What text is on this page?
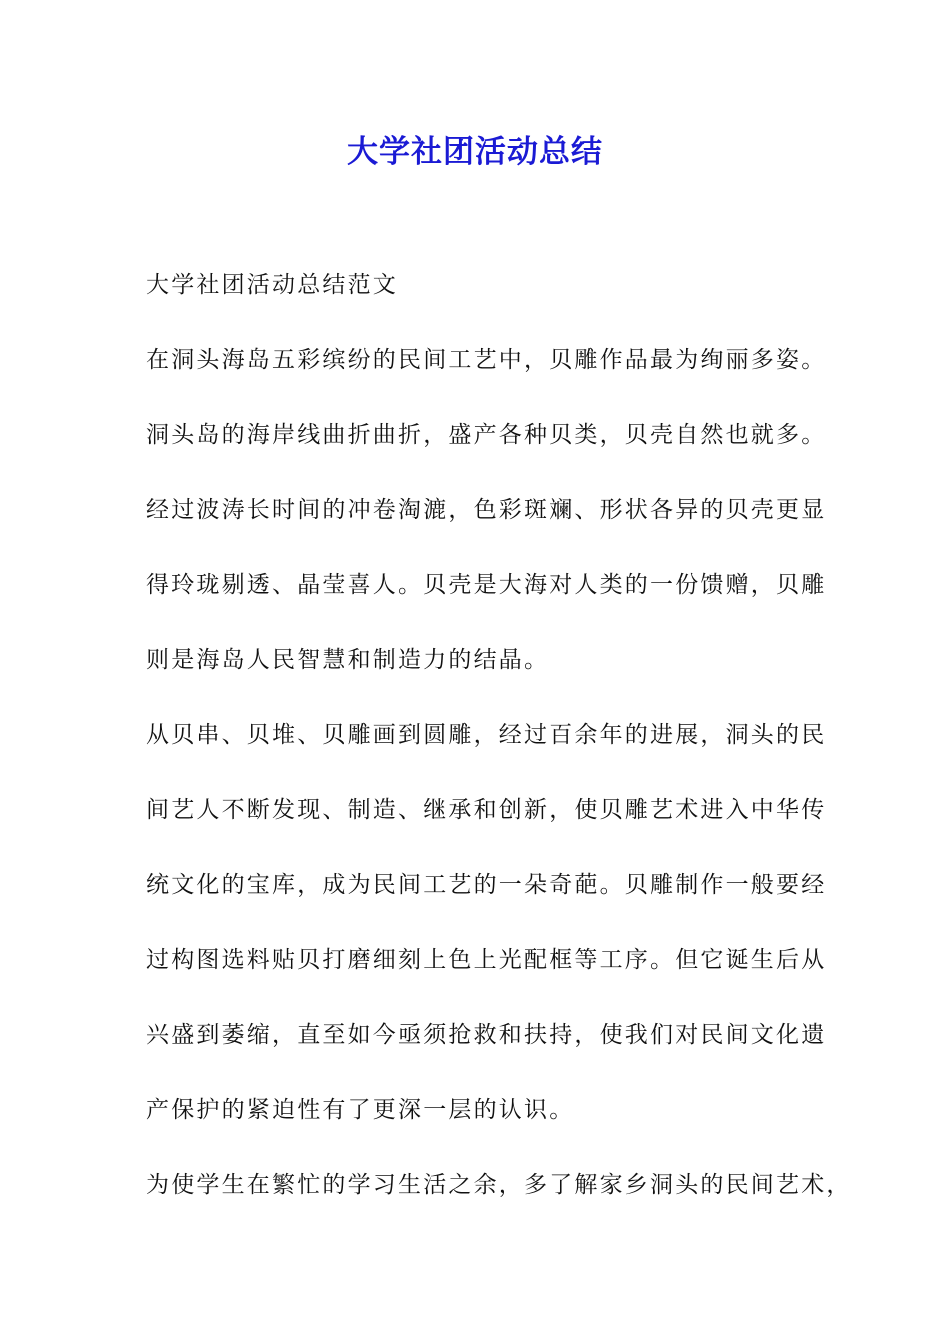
大学社团活动总结
大学社团活动总结范文
在洞头海岛五彩缤纷的民间工艺中，贝雕作品最为绚丽多姿。
洞头岛的海岸线曲折曲折，盛产各种贝类，贝壳自然也就多。
经过波涛长时间的冲卷淘漉，色彩斑斓、形状各异的贝壳更显
得玲珑剔透、晶莹喜人。贝壳是大海对人类的一份馈赠，贝雕
则是海岛人民智慧和制造力的结晶。
从贝串、贝堆、贝雕画到圆雕，经过百余年的进展，洞头的民
间艺人不断发现、制造、继承和创新，使贝雕艺术进入中华传
统文化的宝库，成为民间工艺的一朵奇葩。贝雕制作一般要经
过构图选料贴贝打磨细刻上色上光配框等工序。但它诞生后从
兴盛到萎缩，直至如今亟须抢救和扶持，使我们对民间文化遗
产保护的紧迫性有了更深一层的认识。
为使学生在繁忙的学习生活之余，多了解家乡洞头的民间艺术，
